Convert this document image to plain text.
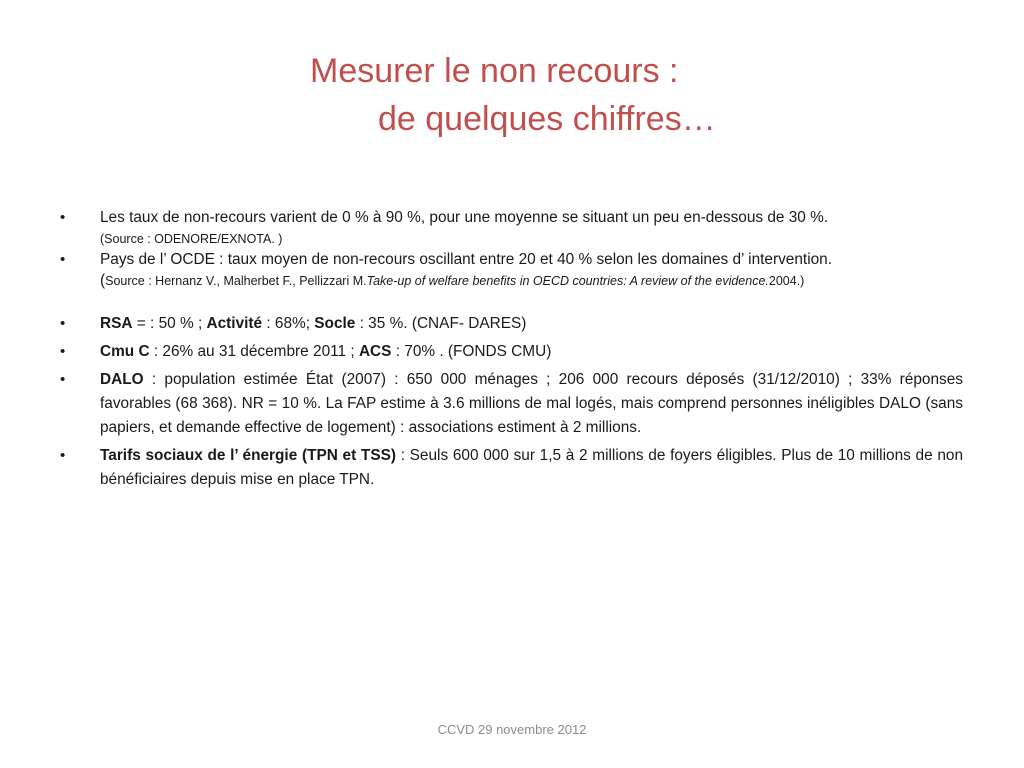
Mesurer le non recours :
de quelques chiffres…
•	Les taux de non-recours varient de 0 % à 90 %, pour une moyenne se situant un peu en-dessous de 30 %.
(Source : ODENORE/EXNOTA. )
•	Pays de l’ OCDE : taux moyen de non-recours oscillant entre 20 et 40 % selon les domaines d’ intervention.
(Source : Hernanz V., Malherbet F., Pellizzari M.Take-up of welfare benefits in OECD countries: A review of the evidence.2004.)
•	RSA = : 50 % ; Activité : 68%; Socle : 35 %. (CNAF- DARES)
•	Cmu C : 26% au 31 décembre 2011 ; ACS : 70% . (FONDS CMU)
•	DALO : population estimée État (2007) : 650 000 ménages ; 206 000 recours déposés (31/12/2010) ; 33% réponses favorables (68 368). NR = 10 %. La FAP estime à 3.6 millions de mal logés, mais comprend personnes inéligibles DALO (sans papiers, et demande effective de logement) : associations estiment à 2 millions.
•	Tarifs sociaux de l’ énergie (TPN et TSS) : Seuls 600 000 sur 1,5 à 2 millions de foyers éligibles. Plus de 10 millions de non bénéficiaires depuis mise en place TPN.
CCVD 29 novembre 2012
